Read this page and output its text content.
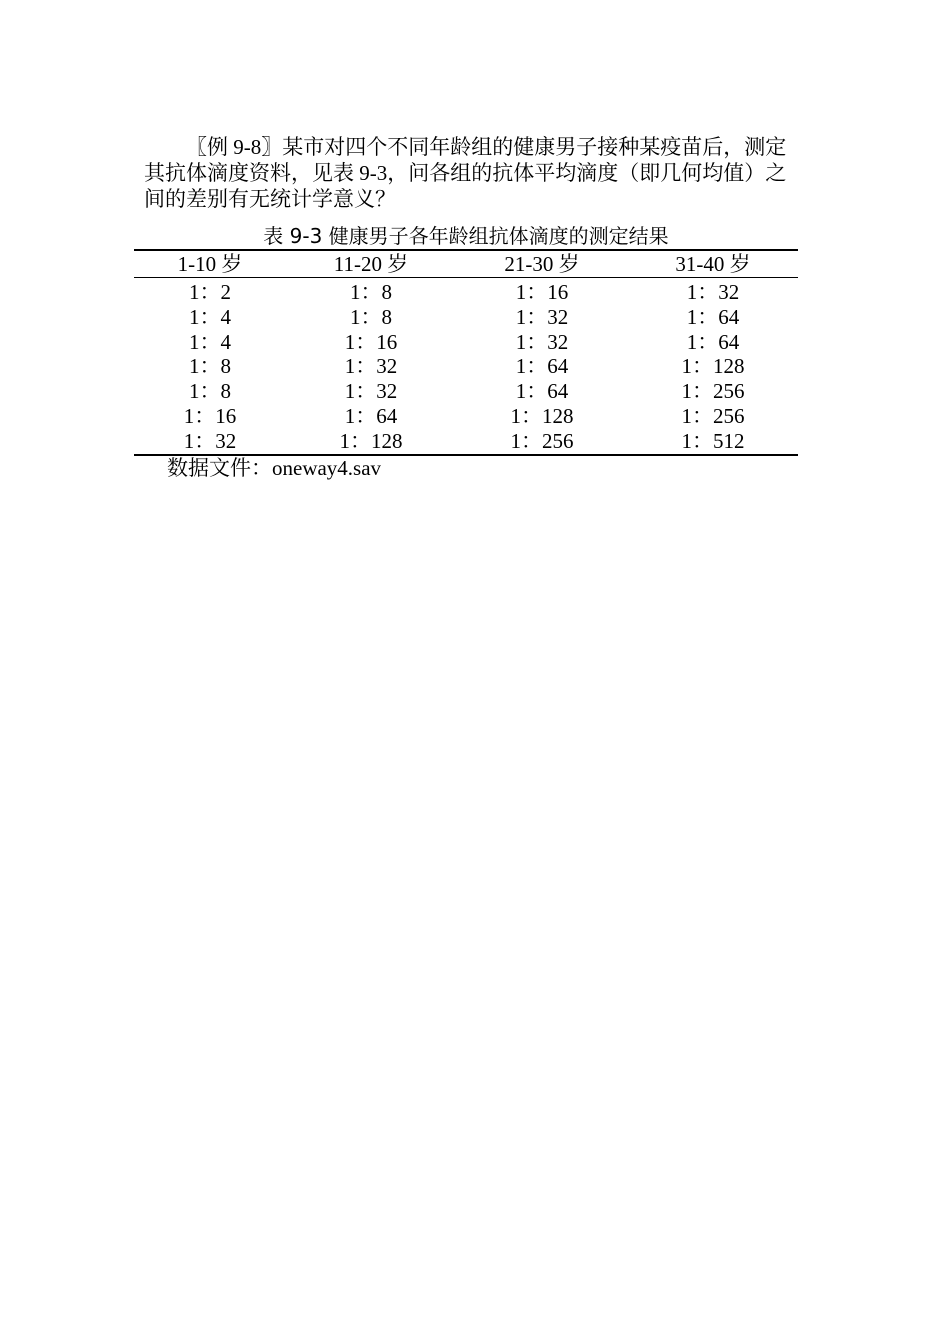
〖例 9-8〗某市对四个不同年龄组的健康男子接种某疫苗后，测定
其抗体滴度资料，见表 9-3，问各组的抗体平均滴度（即几何均值）之
间的差别有无统计学意义？
表 9-3 健康男子各年龄组抗体滴度的测定结果
1-10 岁	11-20 岁	21-30 岁	31-40 岁
1：2	1：8	1：16	1：32
1：4	1：8	1：32	1：64
1：4	1：16	1：32	1：64
1：8	1：32	1：64	1：128
1：8	1：32	1：64	1：256
1：16	1：64	1：128	1：256
1：32	1：128	1：256	1：512
数据文件：oneway4.sav
